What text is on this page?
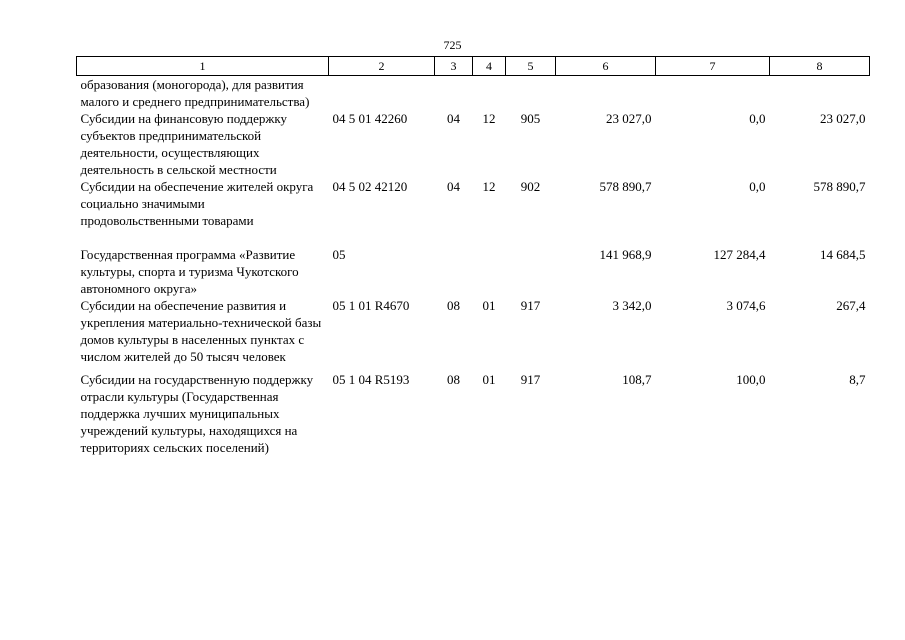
725
1	2	3	4	5	6	7	8
образования (моногорода), для развития малого и среднего предпринимательства)							
Субсидии на финансовую поддержку субъектов предпринимательской деятельности, осуществляющих деятельность в сельской местности	04 5 01 42260	04	12	905	23 027,0	0,0	23 027,0
Субсидии на обеспечение жителей округа социально значимыми продовольственными товарами	04 5 02 42120	04	12	902	578 890,7	0,0	578 890,7

Государственная программа «Развитие культуры, спорта и туризма Чукотского автономного округа»	05				141 968,9	127 284,4	14 684,5
Субсидии на обеспечение развития и укрепления материально-технической базы домов культуры в населенных пунктах с числом жителей до 50 тысяч человек	05 1 01 R4670	08	01	917	3 342,0	3 074,6	267,4

Субсидии на государственную поддержку отрасли культуры (Государственная поддержка лучших муниципальных учреждений культуры, находящихся на территориях сельских поселений)	05 1 04 R5193	08	01	917	108,7	100,0	8,7
